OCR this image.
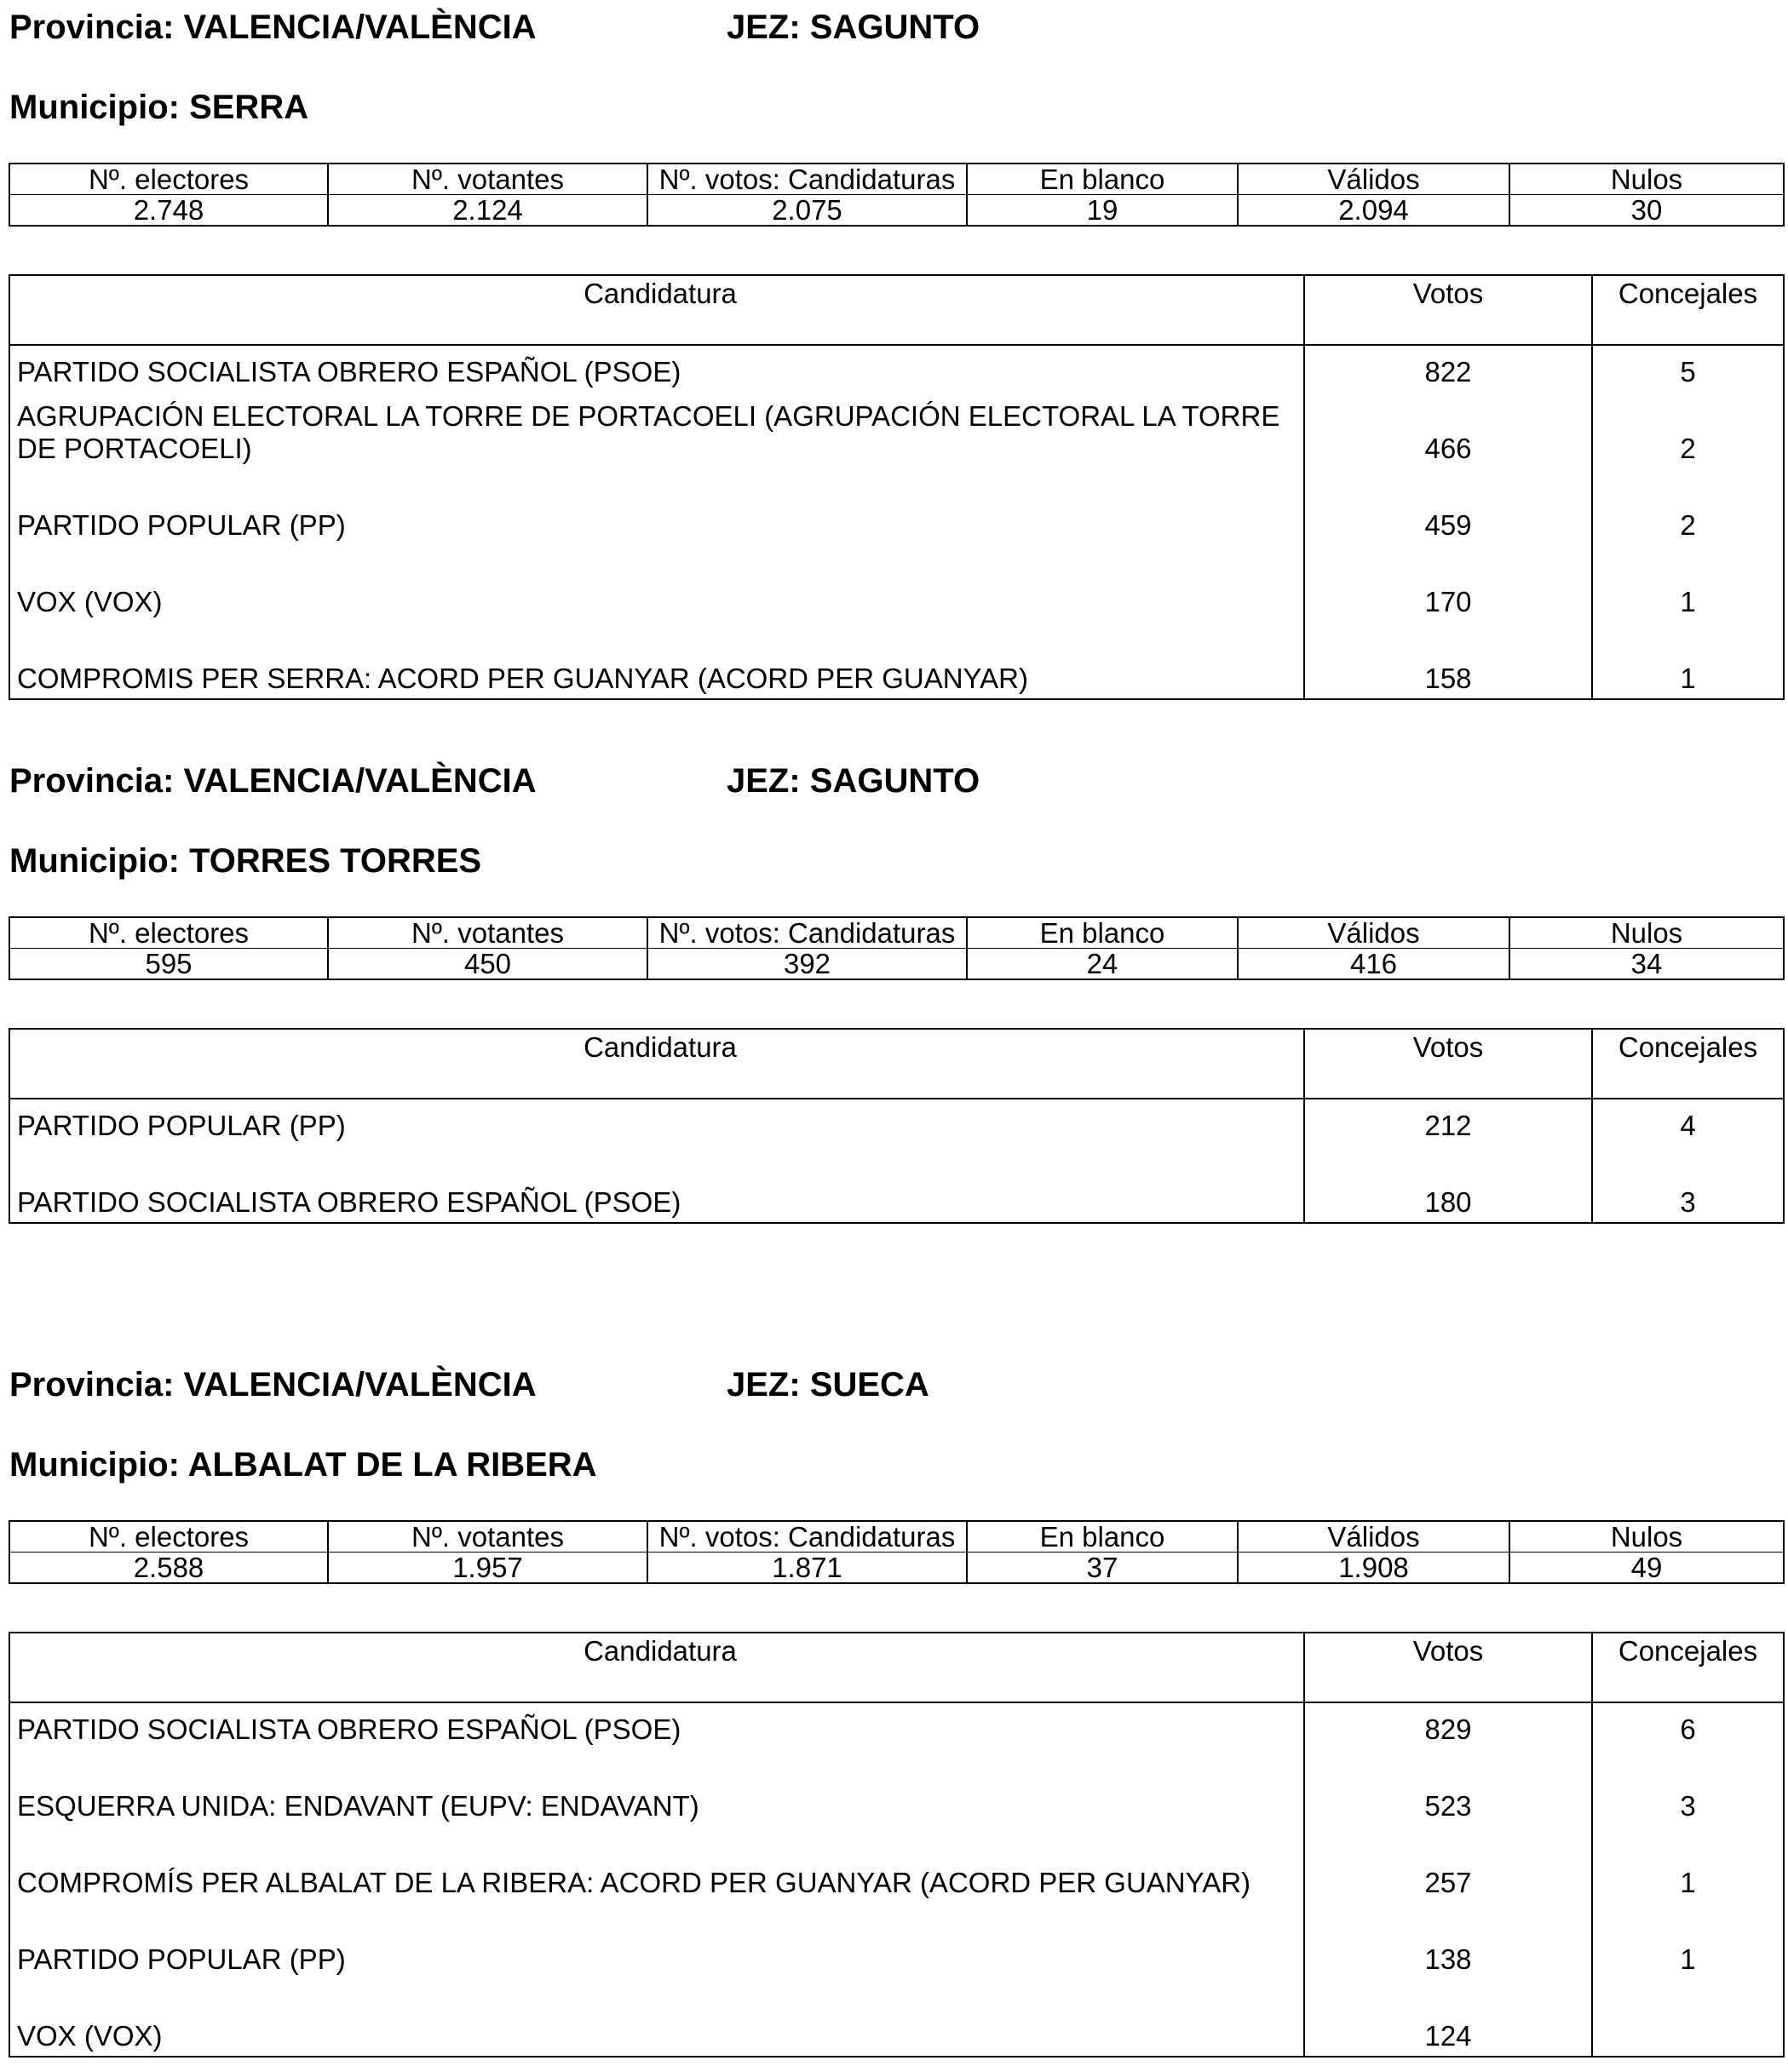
Provincia: VALENCIA/VALÈNCIA	JEZ: SAGUNTO
Municipio: SERRA
Nº. electores	Nº. votantes	Nº. votos: Candidaturas	En blanco	Válidos	Nulos
2.748	2.124	2.075	19	2.094	30
Candidatura	Votos	Concejales
PARTIDO SOCIALISTA OBRERO ESPAÑOL (PSOE)	822	5
AGRUPACIÓN ELECTORAL LA TORRE DE PORTACOELI (AGRUPACIÓN ELECTORAL LA TORRE DE PORTACOELI)	466	2
PARTIDO POPULAR (PP)	459	2
VOX (VOX)	170	1
COMPROMIS PER SERRA: ACORD PER GUANYAR (ACORD PER GUANYAR)	158	1
Provincia: VALENCIA/VALÈNCIA	JEZ: SAGUNTO
Municipio: TORRES TORRES
Nº. electores	Nº. votantes	Nº. votos: Candidaturas	En blanco	Válidos	Nulos
595	450	392	24	416	34
Candidatura	Votos	Concejales
PARTIDO POPULAR (PP)	212	4
PARTIDO SOCIALISTA OBRERO ESPAÑOL (PSOE)	180	3
Provincia: VALENCIA/VALÈNCIA	JEZ: SUECA
Municipio: ALBALAT DE LA RIBERA
Nº. electores	Nº. votantes	Nº. votos: Candidaturas	En blanco	Válidos	Nulos
2.588	1.957	1.871	37	1.908	49
Candidatura	Votos	Concejales
PARTIDO SOCIALISTA OBRERO ESPAÑOL (PSOE)	829	6
ESQUERRA UNIDA: ENDAVANT (EUPV: ENDAVANT)	523	3
COMPROMÍS PER ALBALAT DE LA RIBERA: ACORD PER GUANYAR (ACORD PER GUANYAR)	257	1
PARTIDO POPULAR (PP)	138	1
VOX (VOX)	124	
